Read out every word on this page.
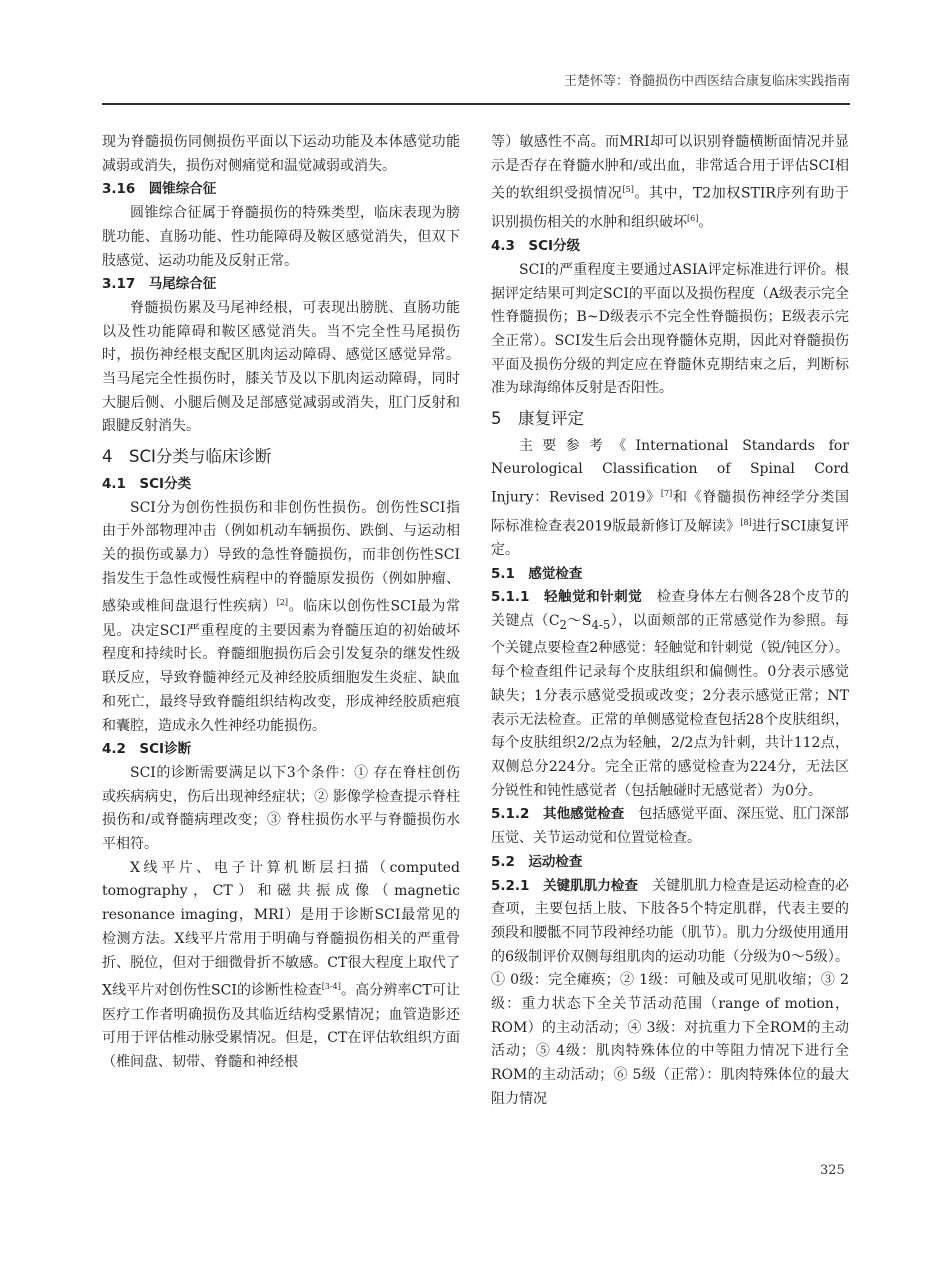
王楚怀等：脊髓损伤中西医结合康复临床实践指南

现为脊髓损伤同侧损伤平面以下运动功能及本体感觉功能减弱或消失，损伤对侧痛觉和温觉减弱或消失。

3.16　圆锥综合征

圆锥综合征属于脊髓损伤的特殊类型，临床表现为膀胱功能、直肠功能、性功能障碍及鞍区感觉消失，但双下肢感觉、运动功能及反射正常。

3.17　马尾综合征

脊髓损伤累及马尾神经根，可表现出膀胱、直肠功能以及性功能障碍和鞍区感觉消失。当不完全性马尾损伤时，损伤神经根支配区肌肉运动障碍、感觉区感觉异常。当马尾完全性损伤时，膝关节及以下肌肉运动障碍，同时大腿后侧、小腿后侧及足部感觉减弱或消失，肛门反射和跟腱反射消失。

4　SCI分类与临床诊断

4.1　SCI分类

SCI分为创伤性损伤和非创伤性损伤。创伤性SCI指由于外部物理冲击（例如机动车辆损伤、跌倒、与运动相关的损伤或暴力）导致的急性脊髓损伤，而非创伤性SCI指发生于急性或慢性病程中的脊髓原发损伤（例如肿瘤、感染或椎间盘退行性疾病）[2]。临床以创伤性SCI最为常见。决定SCI严重程度的主要因素为脊髓压迫的初始破坏程度和持续时长。脊髓细胞损伤后会引发复杂的继发性级联反应，导致脊髓神经元及神经胶质细胞发生炎症、缺血和死亡，最终导致脊髓组织结构改变，形成神经胶质疤痕和囊腔，造成永久性神经功能损伤。

4.2　SCI诊断

SCI的诊断需要满足以下3个条件：① 存在脊柱创伤或疾病病史，伤后出现神经症状；② 影像学检查提示脊柱损伤和/或脊髓病理改变；③ 脊柱损伤水平与脊髓损伤水平相符。

X线平片、电子计算机断层扫描（computed tomography，CT）和磁共振成像（magnetic resonance imaging，MRI）是用于诊断SCI最常见的检测方法。X线平片常用于明确与脊髓损伤相关的严重骨折、脱位，但对于细微骨折不敏感。CT很大程度上取代了X线平片对创伤性SCI的诊断性检查[3-4]。高分辨率CT可让医疗工作者明确损伤及其临近结构受累情况；血管造影还可用于评估椎动脉受累情况。但是，CT在评估软组织方面（椎间盘、韧带、脊髓和神经根

等）敏感性不高。而MRI却可以识别脊髓横断面情况并显示是否存在脊髓水肿和/或出血，非常适合用于评估SCI相关的软组织受损情况[5]。其中，T2加权STIR序列有助于识别损伤相关的水肿和组织破坏[6]。

4.3　SCI分级

SCI的严重程度主要通过ASIA评定标准进行评价。根据评定结果可判定SCI的平面以及损伤程度（A级表示完全性脊髓损伤；B~D级表示不完全性脊髓损伤；E级表示完全正常）。SCI发生后会出现脊髓休克期，因此对脊髓损伤平面及损伤分级的判定应在脊髓休克期结束之后，判断标准为球海绵体反射是否阳性。

5　康复评定

主要参考《International Standards for Neurological Classification of Spinal Cord Injury：Revised 2019》[7]和《脊髓损伤神经学分类国际标准检查表2019版最新修订及解读》[8]进行SCI康复评定。

5.1　感觉检查

5.1.1　轻触觉和针刺觉　 检查身体左右侧各28个皮节的关键点$(C_2\sim S_{4-5})$，以面颊部的正常感觉作为参照。每个关键点要检查2种感觉：轻触觉和针刺觉（锐/钝区分）。每个检查组件记录每个皮肤组织和偏侧性。0分表示感觉缺失；1分表示感觉受损或改变；2分表示感觉正常；NT表示无法检查。正常的单侧感觉检查包括28个皮肤组织，每个皮肤组织2/2点为轻触，2/2点为针刺，共计112点，双侧总分224分。完全正常的感觉检查为224分，无法区分锐性和钝性感觉者（包括触碰时无感觉者）为0分。

5.1.2　其他感觉检查　 包括感觉平面、深压觉、肛门深部压觉、关节运动觉和位置觉检查。

5.2　运动检查

5.2.1　关键肌肌力检查　 关键肌肌力检查是运动检查的必查项，主要包括上肢、下肢各5个特定肌群，代表主要的颈段和腰骶不同节段神经功能（肌节）。肌力分级使用通用的6级制评价双侧每组肌肉的运动功能（分级为0～5级）。① 0级：完全瘫痪；② 1级：可触及或可见肌收缩；③ 2级：重力状态下全关节活动范围（range of motion，ROM）的主动活动；④ 3级：对抗重力下全ROM的主动活动；⑤ 4级：肌肉特殊体位的中等阻力情况下进行全ROM的主动活动；⑥ 5级（正常）：肌肉特殊体位的最大阻力情况

325
